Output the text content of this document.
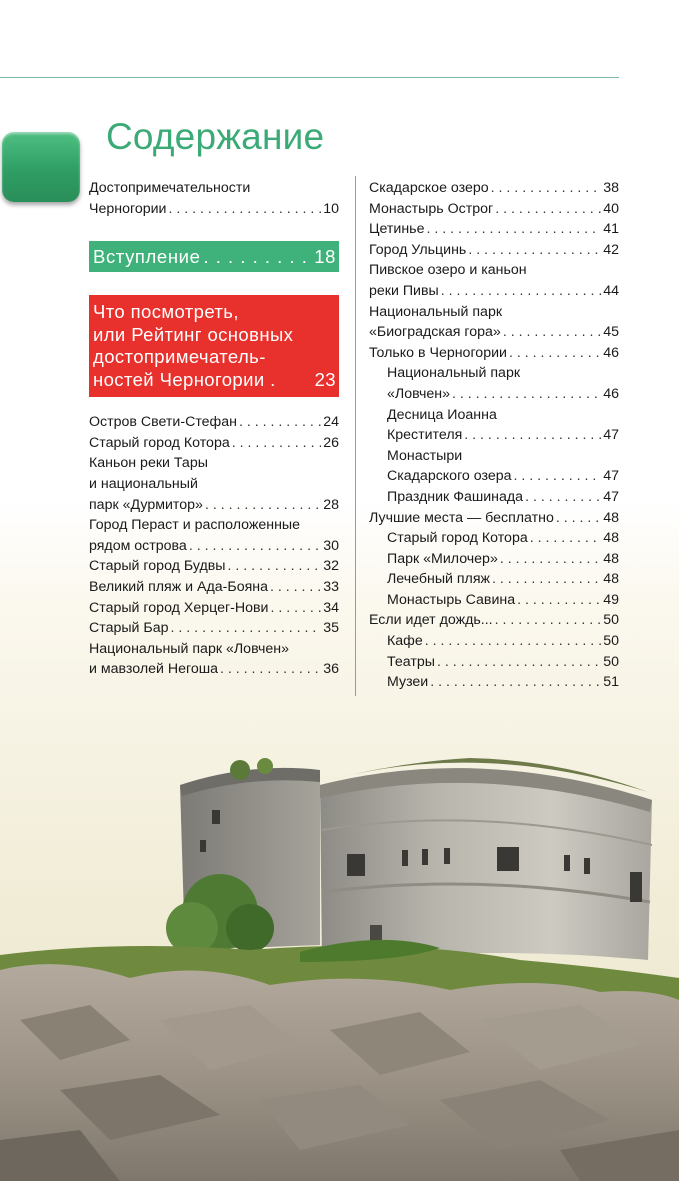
Содержание
Достопримечательности
Черногории . . .	10
Вступление . . .	18
Что посмотреть,
или Рейтинг основных
достопримечатель-
ностей Черногории .	23
Остров Свети-Стефан . . .	24
Старый город Котора . . .	26
Каньон реки Тары
и национальный
парк «Дурмитор» . . .	28
Город Пераст и расположенные
рядом острова . . .	30
Старый город Будвы . . .	32
Великий пляж и Ада-Бояна . . .	33
Старый город Херцег-Нови . . .	34
Старый Бар . . .	35
Национальный парк «Ловчен»
и мавзолей Негоша . . .	36
Скадарское озеро . . .	38
Монастырь Острог . . .	40
Цетинье . . .	41
Город Ульцинь . . .	42
Пивское озеро и каньон
реки Пивы . . .	44
Национальный парк
«Биоградская гора» . . .	45
Только в Черногории . . .	46
Национальный парк
«Ловчен» . . .	46
Десница Иоанна
Крестителя . . .	47
Монастыри
Скадарского озера . . .	47
Праздник Фашинада . . .	47
Лучшие места — бесплатно . . .	48
Старый город Котора . . .	48
Парк «Милочер» . . .	48
Лечебный пляж . . .	48
Монастырь Савина . . .	49
Если идет дождь... . . .	50
Кафе . . .	50
Театры . . .	50
Музеи . . .	51
